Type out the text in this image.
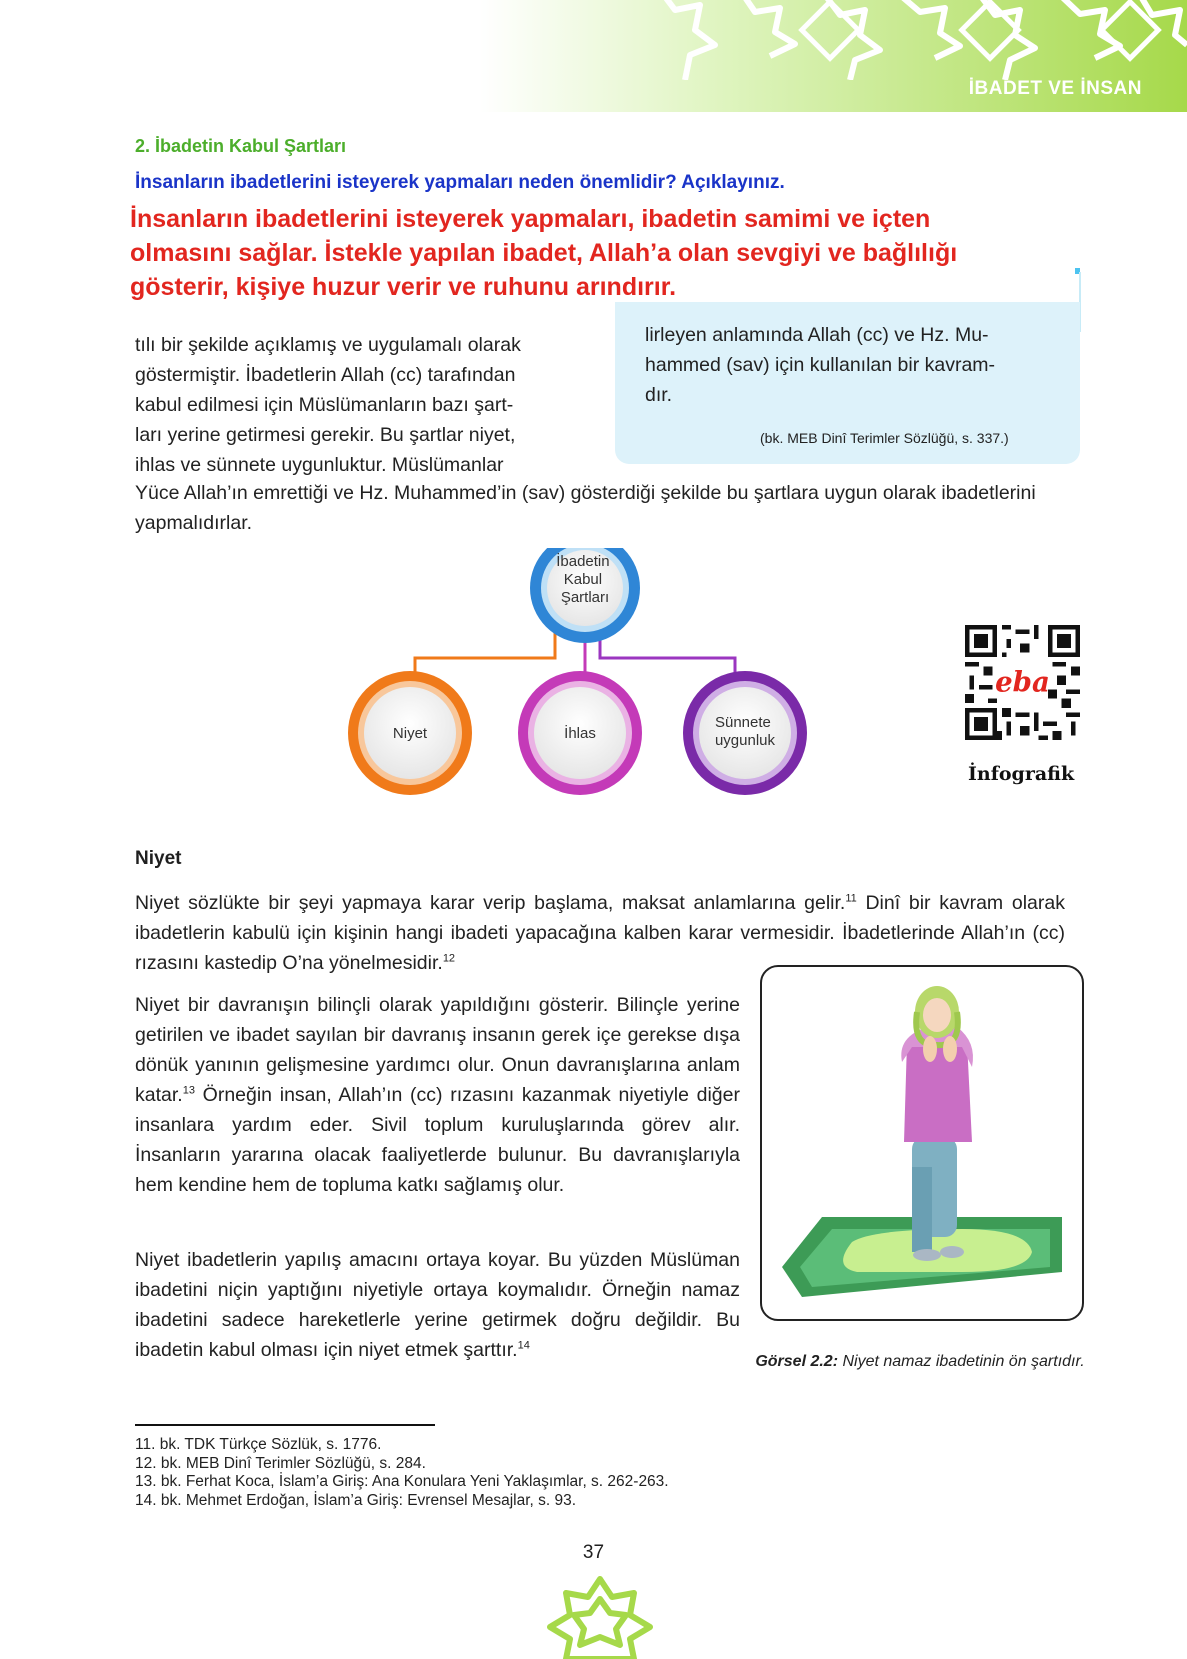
İBADET VE İNSAN
2. İbadetin Kabul Şartları
İnsanların ibadetlerini isteyerek yapmaları neden önemlidir? Açıklayınız.
İnsanların ibadetlerini isteyerek yapmaları, ibadetin samimi ve içten olmasını sağlar. İstekle yapılan ibadet, Allah’a olan sevgiyi ve bağlılığı gösterir, kişiye huzur verir ve ruhunu arındırır.
lirleyen anlamında Allah (cc) ve Hz. Mu-
hammed (sav) için kullanılan bir kavram-
dır.
(bk. MEB Dinî Terimler Sözlüğü, s. 337.)
tılı bir şekilde açıklamış ve uygulamalı olarak
göstermiştir. İbadetlerin Allah (cc) tarafından
kabul edilmesi için Müslümanların bazı şart-
ları yerine getirmesi gerekir. Bu şartlar niyet,
ihlas ve sünnete uygunluktur. Müslümanlar
Yüce Allah’ın emrettiği ve Hz. Muhammed’in (sav) gösterdiği şekilde bu şartlara uygun olarak ibadetlerini yapmalıdırlar.
İbadetin Kabul Şartları
Niyet	İhlas
Sünnete uygunluk
eba
İnfografik
Niyet
Niyet sözlükte bir şeyi yapmaya karar verip başlama, maksat anlamlarına gelir.$^{11}$ Dinî bir kavram olarak ibadetlerin kabulü için kişinin hangi ibadeti yapacağına kalben karar vermesidir. İbadetlerinde Allah’ın (cc) rızasını kastedip O’na yönelmesidir.$^{12}$
Niyet bir davranışın bilinçli olarak yapıldığını gösterir. Bilinçle yerine getirilen ve ibadet sayılan bir davranış insanın gerek içe gerekse dışa dönük yanının gelişmesine yardımcı olur. Onun davranışlarına anlam katar.$^{13}$ Örneğin insan, Allah’ın (cc) rızasını kazanmak niyetiyle diğer insanlara yardım eder. Sivil toplum kuruluşlarında görev alır. İnsanların yararına olacak faaliyetlerde bulunur. Bu davranışlarıyla hem kendine hem de topluma katkı sağlamış olur.
Niyet ibadetlerin yapılış amacını ortaya koyar. Bu yüzden Müslüman ibadetini niçin yaptığını niyetiyle ortaya koymalıdır. Örneğin namaz ibadetini sadece hareketlerle yerine getirmek doğru değildir. Bu ibadetin kabul olması için niyet etmek şarttır.$^{14}$
Görsel 2.2: Niyet namaz ibadetinin ön şartıdır.
11. bk. TDK Türkçe Sözlük, s. 1776.
12. bk. MEB Dinî Terimler Sözlüğü, s. 284.
13. bk. Ferhat Koca, İslam’a Giriş: Ana Konulara Yeni Yaklaşımlar, s. 262-263.
14. bk. Mehmet Erdoğan, İslam’a Giriş: Evrensel Mesajlar, s. 93.
37
